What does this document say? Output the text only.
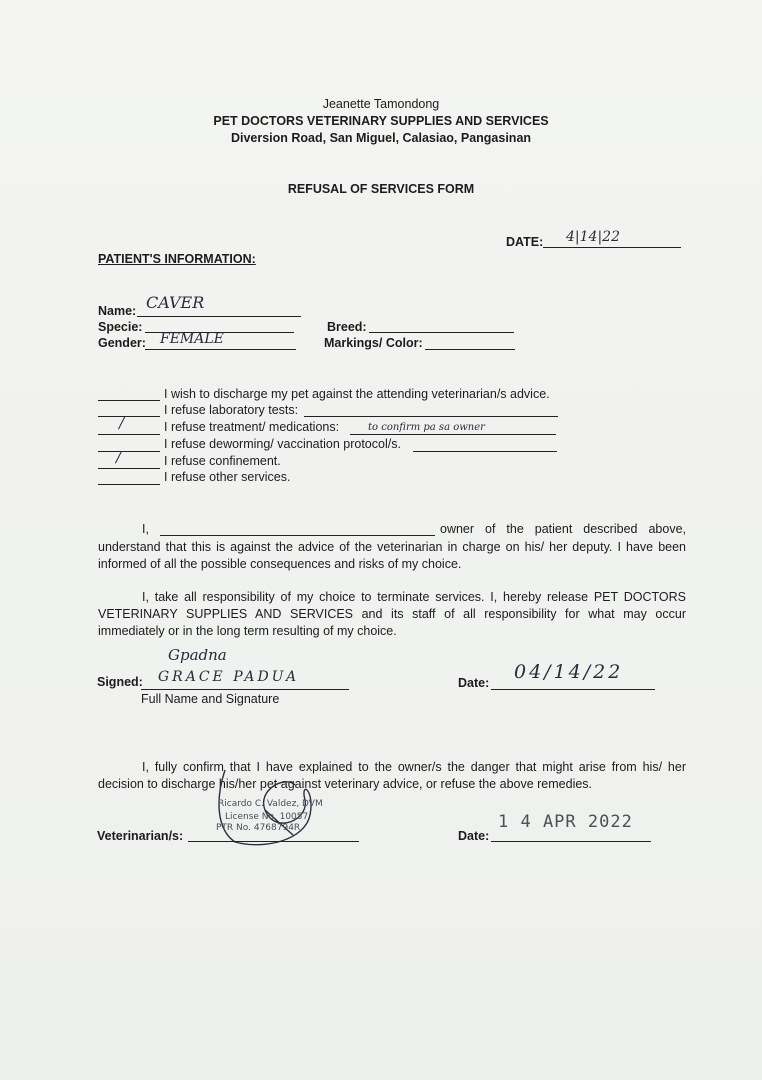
Jeanette Tamondong
PET DOCTORS VETERINARY SUPPLIES AND SERVICES
Diversion Road, San Miguel, Calasiao, Pangasinan
REFUSAL OF SERVICES FORM
DATE: 4|14|22
PATIENT'S INFORMATION:
Name: CAVER
Specie:
Gender: FEMALE
Breed:
Markings/ Color:
I wish to discharge my pet against the attending veterinarian/s advice.
I refuse laboratory tests:
/	I refuse treatment/ medications:	to confirm pa sa owner
I refuse deworming/ vaccination protocol/s.
/	I refuse confinement.
I refuse other services.
I,	owner of the patient described above,
understand that this is against the advice of the veterinarian in charge on his/ her deputy. I have been informed of all the possible consequences and risks of my choice.
I, take all responsibility of my choice to terminate services. I, hereby release PET DOCTORS VETERINARY SUPPLIES AND SERVICES and its staff of all responsibility for what may occur immediately or in the long term resulting of my choice.
Gpadna
Signed: GRACE PADUA
Full Name and Signature
Date: 04/14/22
I, fully confirm that I have explained to the owner/s the danger that might arise from his/ her decision to discharge his/her pet against veterinary advice, or refuse the above remedies.
Ricardo C. Valdez, DVM
License No. 10057
PTR No. 4768794R
Veterinarian/s:	Date:
1 4 APR 2022
